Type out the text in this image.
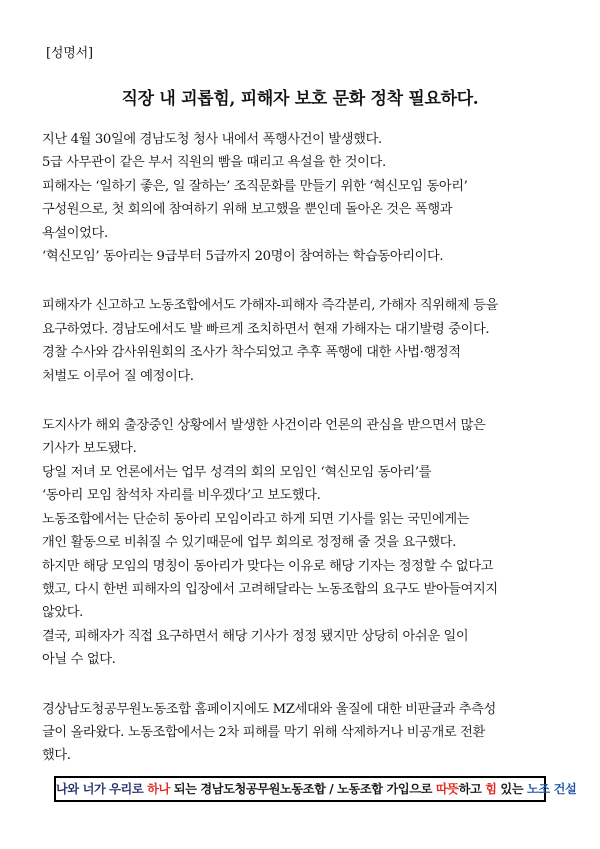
[성명서]
직장 내 괴롭힘, 피해자 보호 문화 정착 필요하다.
지난 4월 30일에 경남도청 청사 내에서 폭행사건이 발생했다.
5급 사무관이 같은 부서 직원의 빰을 때리고 욕설을 한 것이다.
피해자는 ‘일하기 좋은, 일 잘하는’ 조직문화를 만들기 위한 ‘혁신모임 동아리’
구성원으로, 첫 회의에 참여하기 위해 보고했을 뿐인데 돌아온 것은 폭행과
욕설이었다.
‘혁신모임’ 동아리는 9급부터 5급까지 20명이 참여하는 학습동아리이다.
피해자가 신고하고 노동조합에서도 가해자-피해자 즉각분리, 가해자 직위해제 등을
요구하였다. 경남도에서도 발 빠르게 조치하면서 현재 가해자는 대기발령 중이다.
경찰 수사와 감사위원회의 조사가 착수되었고 추후 폭행에 대한 사법·행정적
처벌도 이루어 질 예정이다.
도지사가 해외 출장중인 상황에서 발생한 사건이라 언론의 관심을 받으면서 많은
기사가 보도됐다.
당일 저녀 모 언론에서는 업무 성격의 회의 모임인 ‘혁신모임 동아리’를
‘동아리 모임 참석차 자리를 비우겠다’고 보도했다.
노동조합에서는 단순히 동아리 모임이라고 하게 되면 기사를 읽는 국민에게는
개인 활동으로 비춰질 수 있기때문에 업무 회의로 정정해 줄 것을 요구했다.
하지만 해당 모임의 명칭이 동아리가 맞다는 이유로 해당 기자는 정정할 수 없다고
했고, 다시 한번 피해자의 입장에서 고려해달라는 노동조합의 요구도 받아들여지지
않았다.
결국, 피해자가 직접 요구하면서 해당 기사가 정정 됐지만 상당히 아쉬운 일이
아닐 수 없다.
경상남도청공무원노동조합 홈페이지에도 MZ세대와 울질에 대한 비판글과 추측성
글이 올라왔다. 노동조합에서는 2차 피해를 막기 위해 삭제하거나 비공개로 전환
했다.
나와 너가 우리로 하나 되는 경남도청공무원노동조합 / 노동조합 가입으로 따뜻하고 힘 있는 노조 건설
